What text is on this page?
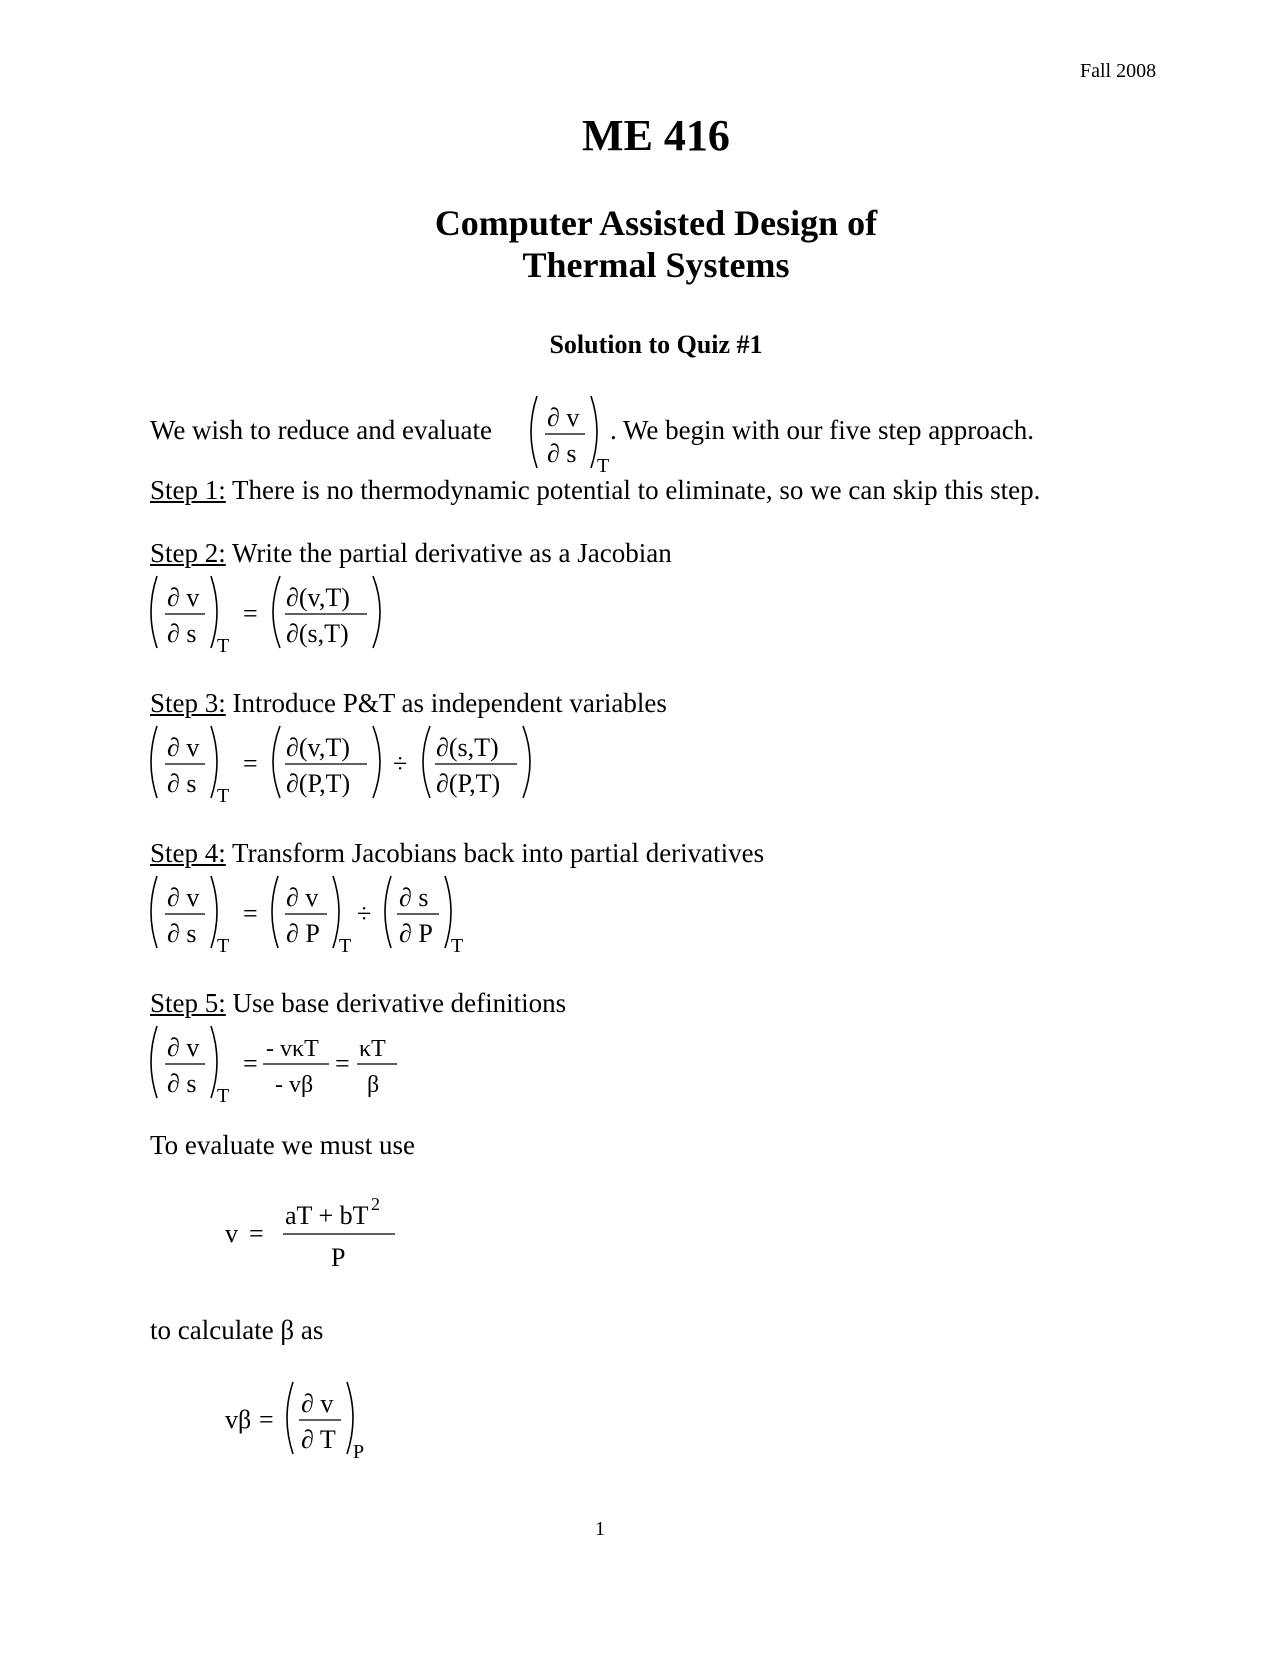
Fall 2008
ME 416
Computer Assisted Design of
Thermal Systems
Solution to Quiz #1
We wish to reduce and evaluate ∂ v
∂ s T
. We begin with our five step approach.
Step 1: There is no thermodynamic potential to eliminate, so we can skip this step.
Step 2: Write the partial derivative as a Jacobian
∂ v
∂ s T
=
∂(v,T)
∂(s,T)
Step 3: Introduce P&T as independent variables
∂ v
∂ s T
=
∂(v,T)
∂(P,T)
÷
∂(s,T)
∂(P,T)
Step 4: Transform Jacobians back into partial derivatives
∂ v
∂ s T
=
∂ v
∂ P T
÷
∂ s
∂ P T
Step 5: Use base derivative definitions
∂ v
∂ s T
= - vκT
- vβ
= κT
β
To evaluate we must use
v =
aT + bT 2
P
to calculate β as
vβ =
∂ v
∂ T P
1
